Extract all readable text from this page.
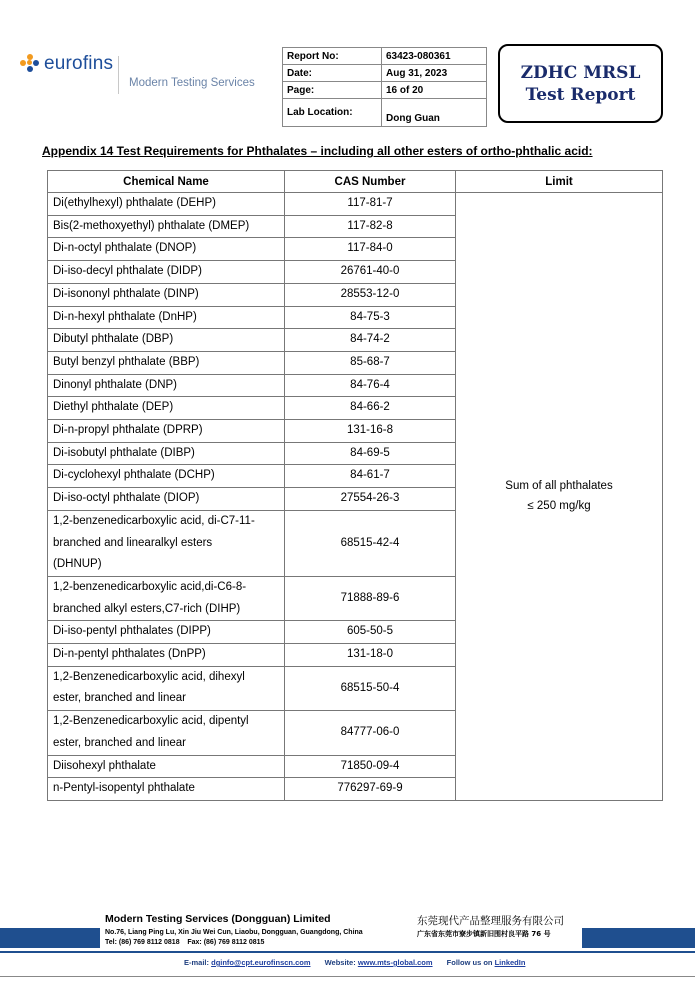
eurofins
Modern Testing Services
Report No:	63423-080361
Date:	Aug 31, 2023
Page:	16 of 20
Lab Location:	Dong Guan
ZDHC MRSL
Test Report
Appendix 14 Test Requirements for Phthalates – including all other esters of ortho-phthalic acid:
Chemical Name	CAS Number	Limit
Di(ethylhexyl) phthalate (DEHP)	117-81-7	Sum of all phthalates
≤ 250 mg/kg

Bis(2-methoxyethyl) phthalate (DMEP)	117-82-8	
Di-n-octyl phthalate (DNOP)	117-84-0	
Di-iso-decyl phthalate (DIDP)	26761-40-0	
Di-isononyl phthalate (DINP)	28553-12-0	
Di-n-hexyl phthalate (DnHP)	84-75-3	
Dibutyl phthalate (DBP)	84-74-2	
Butyl benzyl phthalate (BBP)	85-68-7	
Dinonyl phthalate (DNP)	84-76-4	
Diethyl phthalate (DEP)	84-66-2	
Di-n-propyl phthalate (DPRP)	131-16-8	
Di-isobutyl phthalate (DIBP)	84-69-5	
Di-cyclohexyl phthalate (DCHP)	84-61-7	
Di-iso-octyl phthalate (DIOP)	27554-26-3	

1,2-benzenedicarboxylic acid, di-C7-11-
branched and linearalkyl esters
(DHNUP)	68515-42-4	

1,2-benzenedicarboxylic acid,di-C6-8-
branched alkyl esters,C7-rich (DIHP)	71888-89-6	
Di-iso-pentyl phthalates (DIPP)	605-50-5	
Di-n-pentyl phthalates (DnPP)	131-18-0	

1,2-Benzenedicarboxylic acid, dihexyl
ester, branched and linear	68515-50-4	

1,2-Benzenedicarboxylic acid, dipentyl
ester, branched and linear	84777-06-0	
Diisohexyl phthalate	71850-09-4	
n-Pentyl-isopentyl phthalate	776297-69-9	
Modern Testing Services (Dongguan) Limited	东莞现代产品整理服务有限公司
No.76, Liang Ping Lu, Xin Jiu Wei Cun, Liaobu, Dongguan, Guangdong, China	广东省东莞市寮步镇新旧围村良平路 76 号
Tel: (86) 769 8112 0818    Fax: (86) 769 8112 0815
E-mail: dginfo@cpt.eurofinscn.com Website: www.mts-global.com Follow us on LinkedIn
